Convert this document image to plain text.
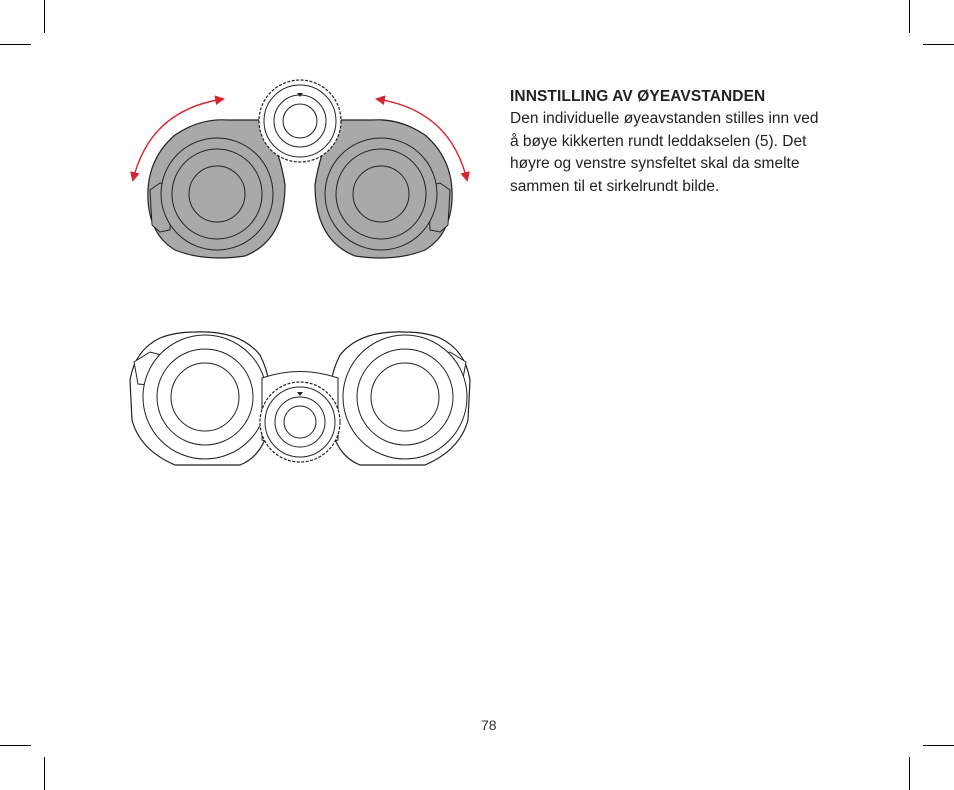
INNSTILLING AV ØYEAVSTANDEN
Den individuelle øyeavstanden stilles inn ved
å bøye kikkerten rundt leddakselen (5). Det
høyre og venstre synsfeltet skal da smelte
sammen til et sirkelrundt bilde.
78
